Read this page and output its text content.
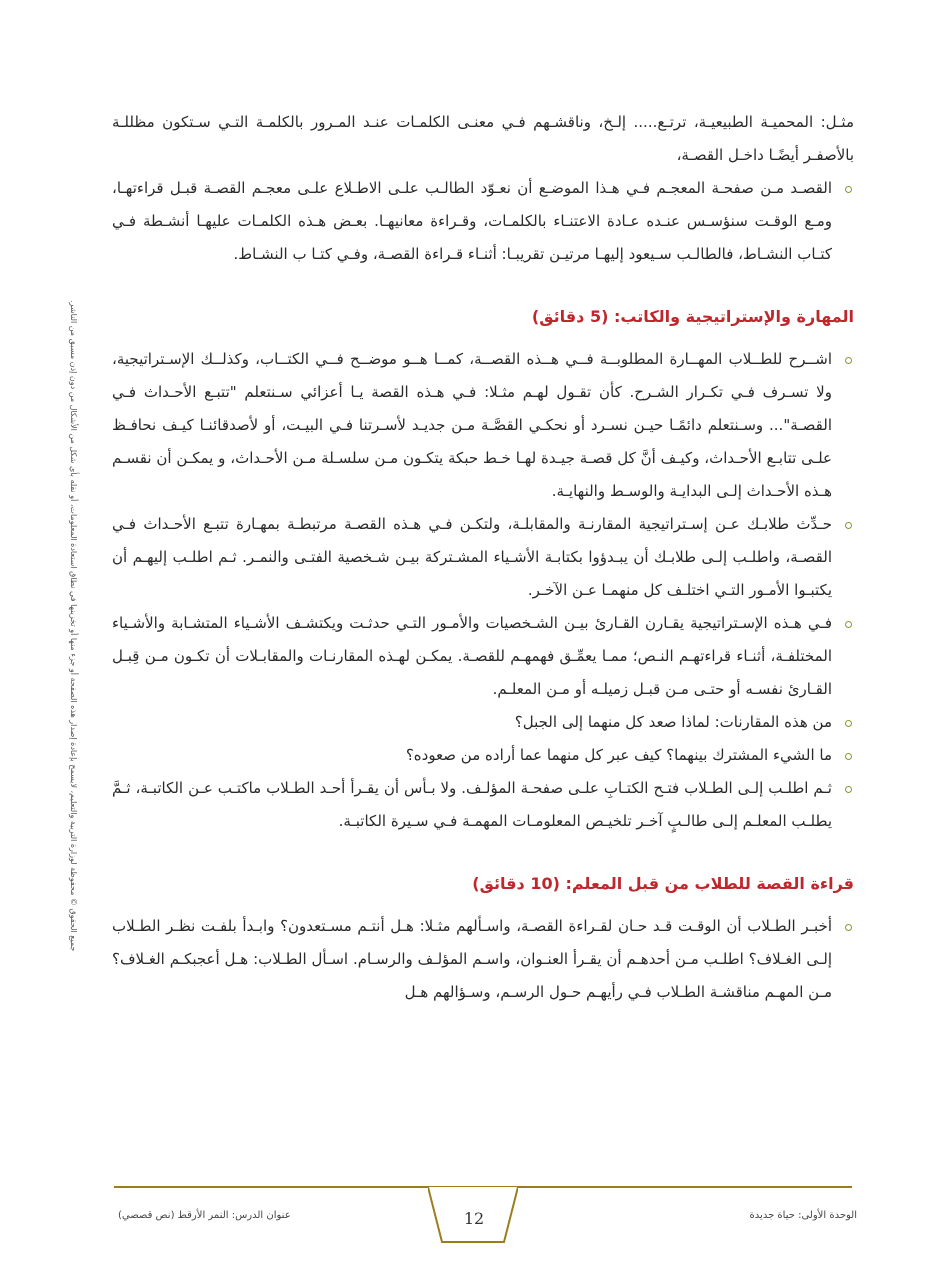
جميع الحقوق © محفوظة لوزارة التربية والتعليم، لايسمح بإعادة إصدار هذه الصفحة أو جزء منها أو تخزينها في نطاق استعادة المعلومات، أو نقله بأي شكل من الأشكال من دون إذن مسبق من الناشر.

مثـل: المحميـة الطبيعيـة، ترتـع..... إلـخ، وناقشـهم فـي معنـى الكلمـات عنـد المـرور بالكلمـة التـي سـتكون مظللـة بالأصفـر أيضًـا داخـل القصـة،

القصـد مـن صفحـة المعجـم فـي هـذا الموضـع أن نعـوّد الطالـب علـى الاطـلاع علـى معجـم القصـة قبـل قراءتهـا، ومـع الوقـت سنؤسـس عنـده عـادة الاعتنـاء بالكلمـات، وقـراءة معانيهـا. بعـض هـذه الكلمـات عليهـا أنشـطة فـي كتـاب النشـاط، فالطالـب سـيعود إليهـا مرتيـن تقريبـا: أثنـاء قـراءة القصـة، وفـي كتـا ب النشـاط.

المهارة والإستراتيجية والكاتب: (5 دقائق)

اشــرح للطــلاب المهــارة المطلوبــة فــي هــذه القصــة، كمــا هــو موضــح فــي الكتــاب، وكذلــك الإسـتراتيجية، ولا تسـرف فـي تكـرار الشـرح. كأن تقـول لهـم مثـلا: فـي هـذه القصة يـا أعزائي سـنتعلم "تتبـع الأحـداث فـي القصـة"... وسـنتعلم دائمًـا حيـن نسـرد أو نحكـي القصَّـة مـن جديـد لأسـرتنا فـي البيـت، أو لأصدقائنـا كيـف نحافـظ علـى تتابـع الأحـداث، وكيـف أنَّ كل قصـة جيـدة لهـا خـط حبكة يتكـون مـن سلسـلة مـن الأحـداث، و يمكـن أن نقسـم هـذه الأحـداث إلـى البدايـة والوسـط والنهايـة.

حـدِّث طلابـك عـن إسـتراتيجية المقارنـة والمقابلـة، ولتكـن فـي هـذه القصـة مرتبطـة بمهـارة تتبـع الأحـداث فـي القصـة، واطلـب إلـى طلابـك أن يبـدؤوا بكتابـة الأشـياء المشـتركة بيـن شـخصية الفتـى والنمـر. ثـم اطلـب إليهـم أن يكتبـوا الأمـور التـي اختلـف كل منهمـا عـن الآخـر.

فـي هـذه الإسـتراتيجية يقـارن القـارئ بيـن الشـخصيات والأمـور التـي حدثـت ويكتشـف الأشـياء المتشـابة والأشـياء المختلفـة، أثنـاء قراءتهـم النـص؛ ممـا يعمِّـق فهمهـم للقصـة. يمكـن لهـذه المقارنـات والمقابـلات أن تكـون مـن قِبـل القـارئ نفسـه أو حتـى مـن قبـل زميلـه أو مـن المعلـم.

من هذه المقارنات: لماذا صعد كل منهما إلى الجبل؟

ما الشيء المشترك بينهما؟ كيف عبر كل منهما عما أراده من صعوده؟

ثـم اطلـب إلـى الطـلاب فتـح الكتـابِ علـى صفحـة المؤلـف. ولا بـأس أن يقـرأ أحـد الطـلاب ماكتـب عـن الكاتبـة، ثـمَّ يطلـب المعلـم إلـى طالـبٍ آخـر تلخيـص المعلومـات المهمـة فـي سـيرة الكاتبـة.

قراءة القصة للطلاب من قبل المعلم: (10 دقائق)

أخبـر الطـلاب أن الوقـت قـد حـان لقـراءة القصـة، واسـألهم مثـلا: هـل أنتـم مسـتعدون؟ وابـدأ بلفـت نظـر الطـلاب إلـى الغـلاف؟ اطلـب مـن أحدهـم أن يقـرأ العنـوان، واسـم المؤلـف والرسـام. اسـأل الطـلاب: هـل أعجبكـم الغـلاف؟ مـن المهـم مناقشـة الطـلاب فـي رأيهـم حـول الرسـم، وسـؤالهم هـل

12	الوحدة الأولى: حياة جديدة
عنوان الدرس: النمر الأرقط (نص قصصي)
